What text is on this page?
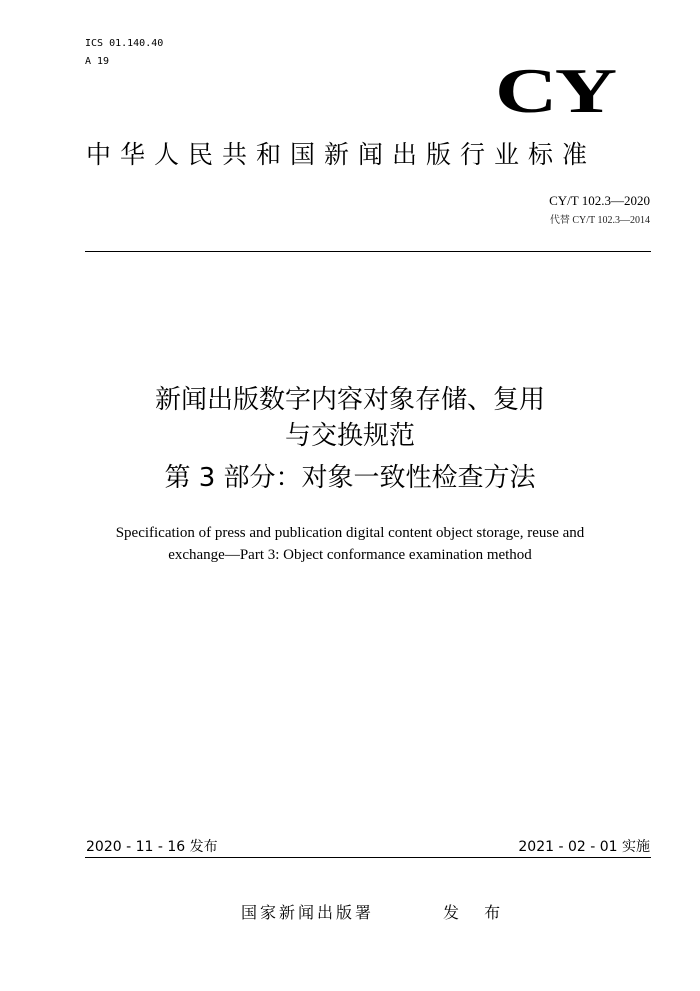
ICS 01.140.40
A 19	CY
中华人民共和国新闻出版行业标准
CY/T 102.3—2020
代替 CY/T 102.3—2014
新闻出版数字内容对象存储、复用
与交换规范
第 3 部分：对象一致性检查方法
Specification of press and publication digital content object storage, reuse and
exchange—Part 3: Object conformance examination method
2020 - 11 - 16 发布	2021 - 02 - 01 实施
国家新闻出版署	发 布
